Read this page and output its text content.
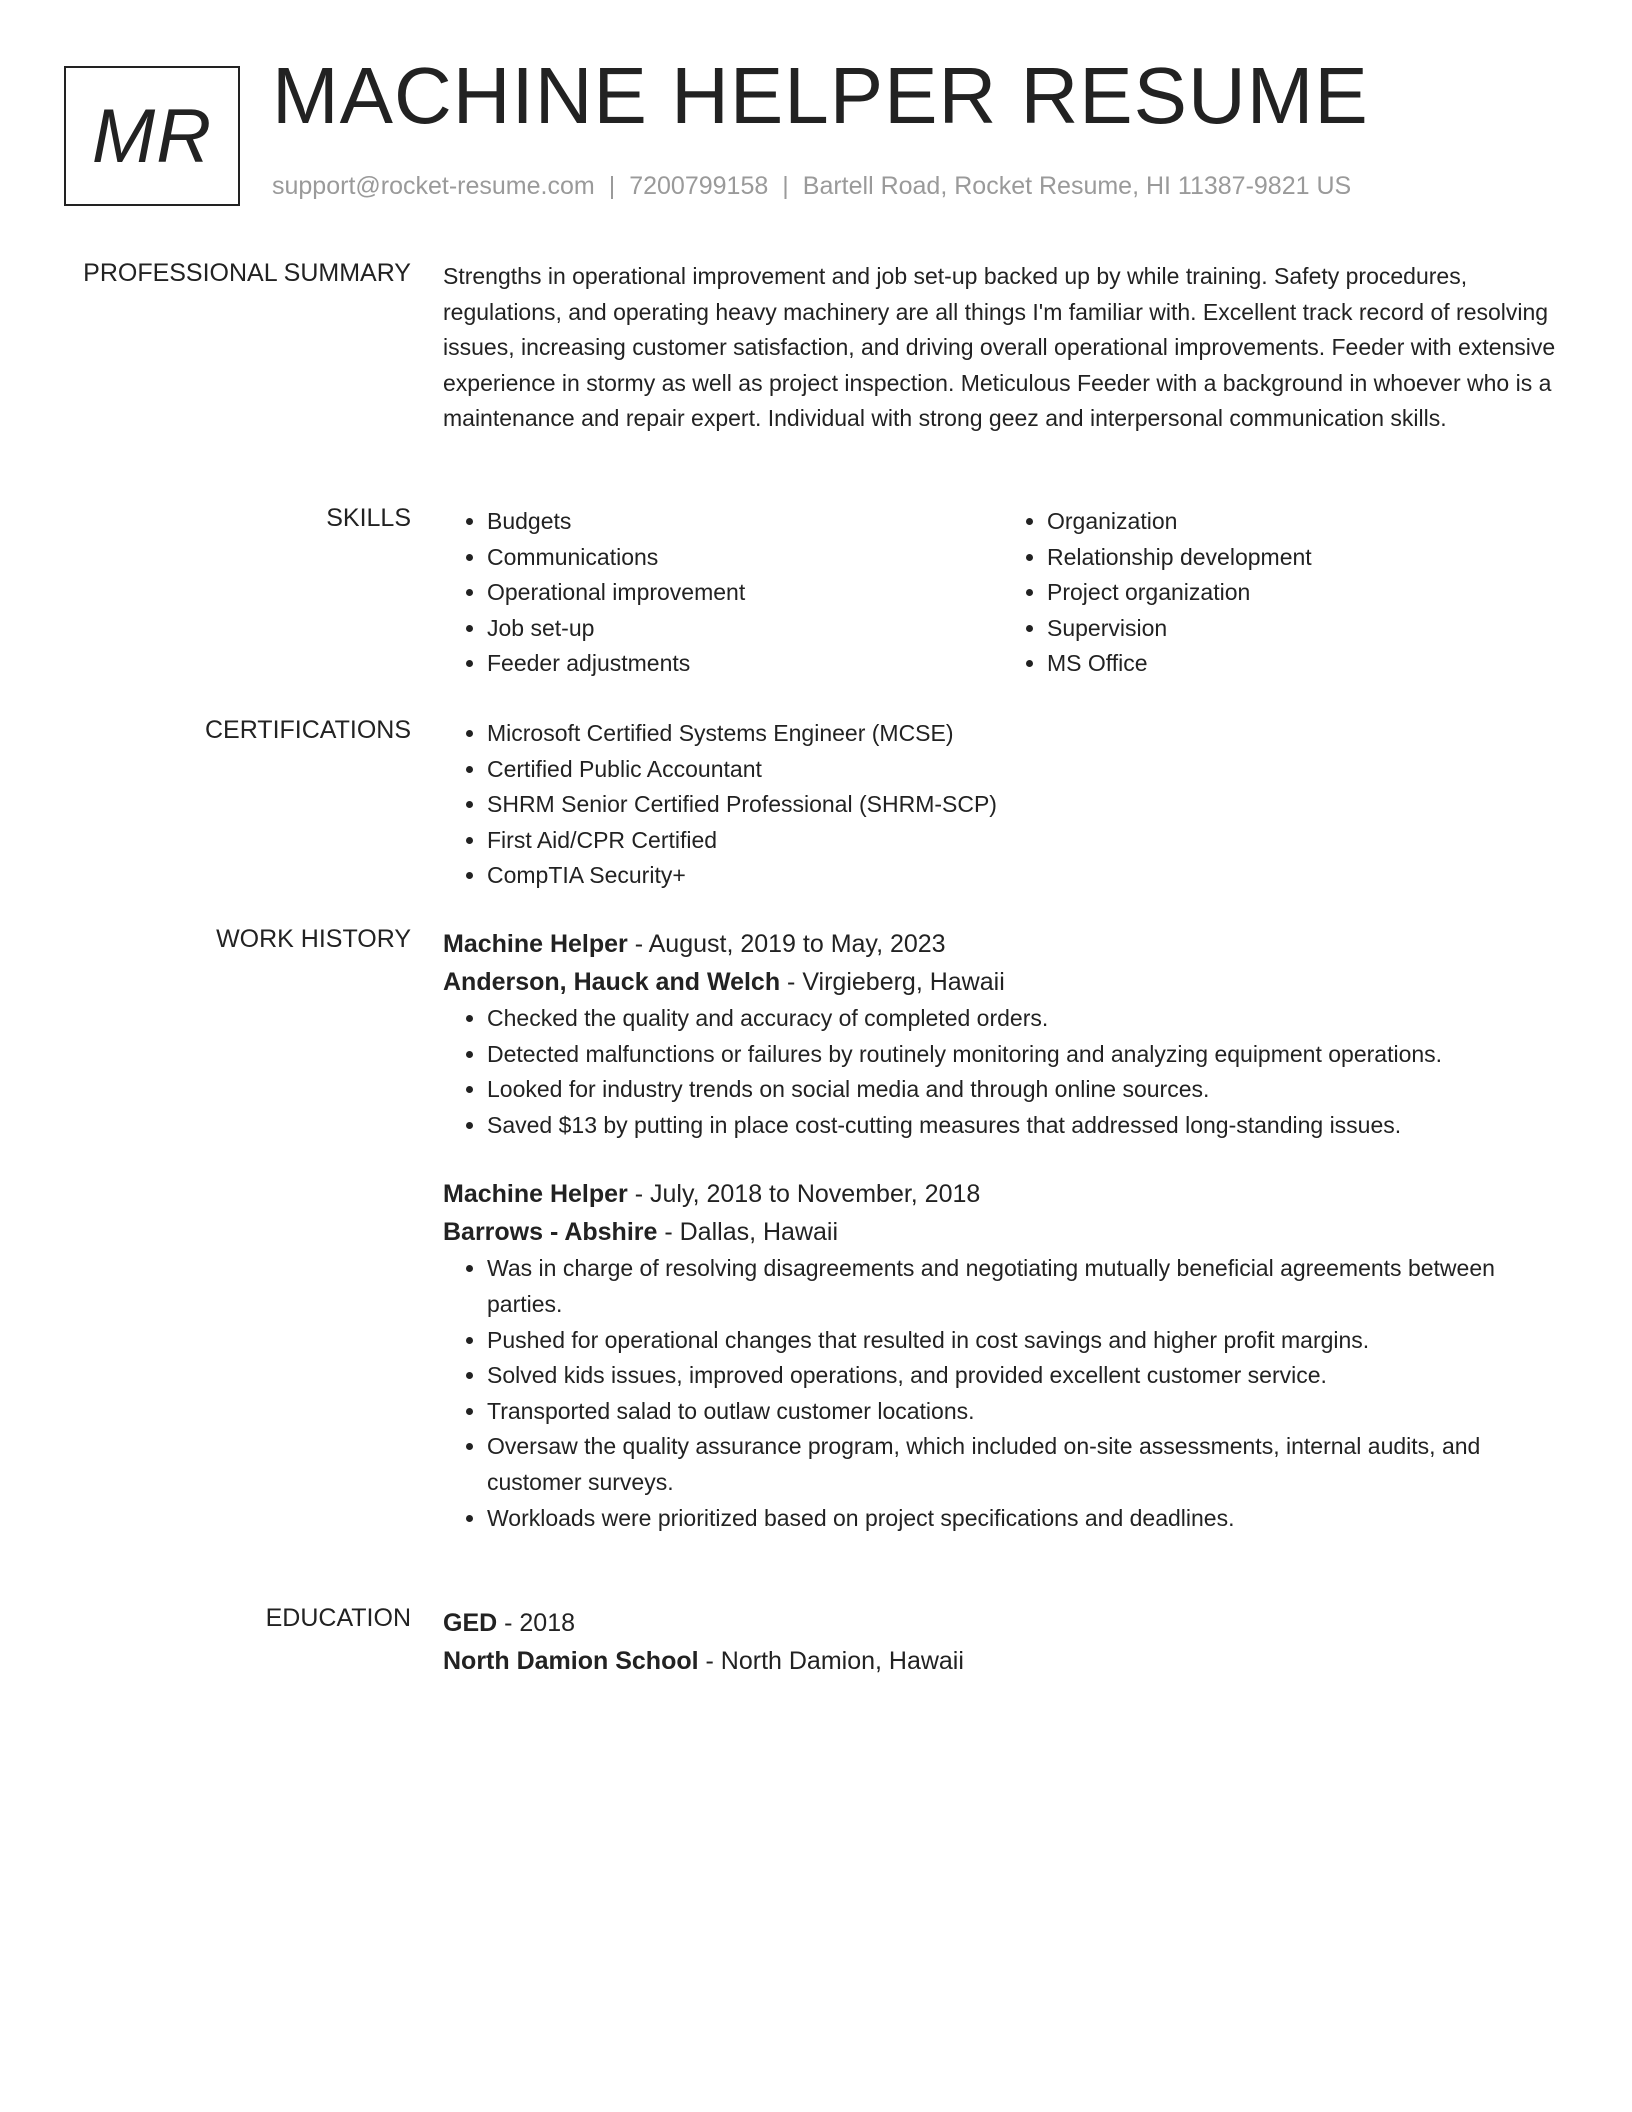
MR MACHINE HELPER RESUME
support@rocket-resume.com | 7200799158 | Bartell Road, Rocket Resume, HI 11387-9821 US
PROFESSIONAL SUMMARY Strengths in operational improvement and job set-up backed up by while training. Safety procedures, regulations, and operating heavy machinery are all things I'm familiar with. Excellent track record of resolving issues, increasing customer satisfaction, and driving overall operational improvements. Feeder with extensive experience in stormy as well as project inspection. Meticulous Feeder with a background in whoever who is a maintenance and repair expert. Individual with strong geez and interpersonal communication skills.

SKILLS	• Budgets
• Communications
• Operational improvement
• Job set-up
• Feeder adjustments
• Organization
• Relationship development
• Project organization
• Supervision
• MS Office
CERTIFICATIONS	• Microsoft Certified Systems Engineer (MCSE)
• Certified Public Accountant
• SHRM Senior Certified Professional (SHRM-SCP)
• First Aid/CPR Certified
• CompTIA Security+
WORK HISTORY Machine Helper - August, 2019 to May, 2023
Anderson, Hauck and Welch - Virgieberg, Hawaii
• Checked the quality and accuracy of completed orders.
• Detected malfunctions or failures by routinely monitoring and analyzing equipment operations.
• Looked for industry trends on social media and through online sources.
• Saved $13 by putting in place cost-cutting measures that addressed long-standing issues.
Machine Helper - July, 2018 to November, 2018
Barrows - Abshire - Dallas, Hawaii
• Was in charge of resolving disagreements and negotiating mutually beneficial agreements between parties.
• Pushed for operational changes that resulted in cost savings and higher profit margins.
• Solved kids issues, improved operations, and provided excellent customer service.
• Transported salad to outlaw customer locations.
• Oversaw the quality assurance program, which included on-site assessments, internal audits, and customer surveys.
• Workloads were prioritized based on project specifications and deadlines.
EDUCATION GED - 2018
North Damion School - North Damion, Hawaii
